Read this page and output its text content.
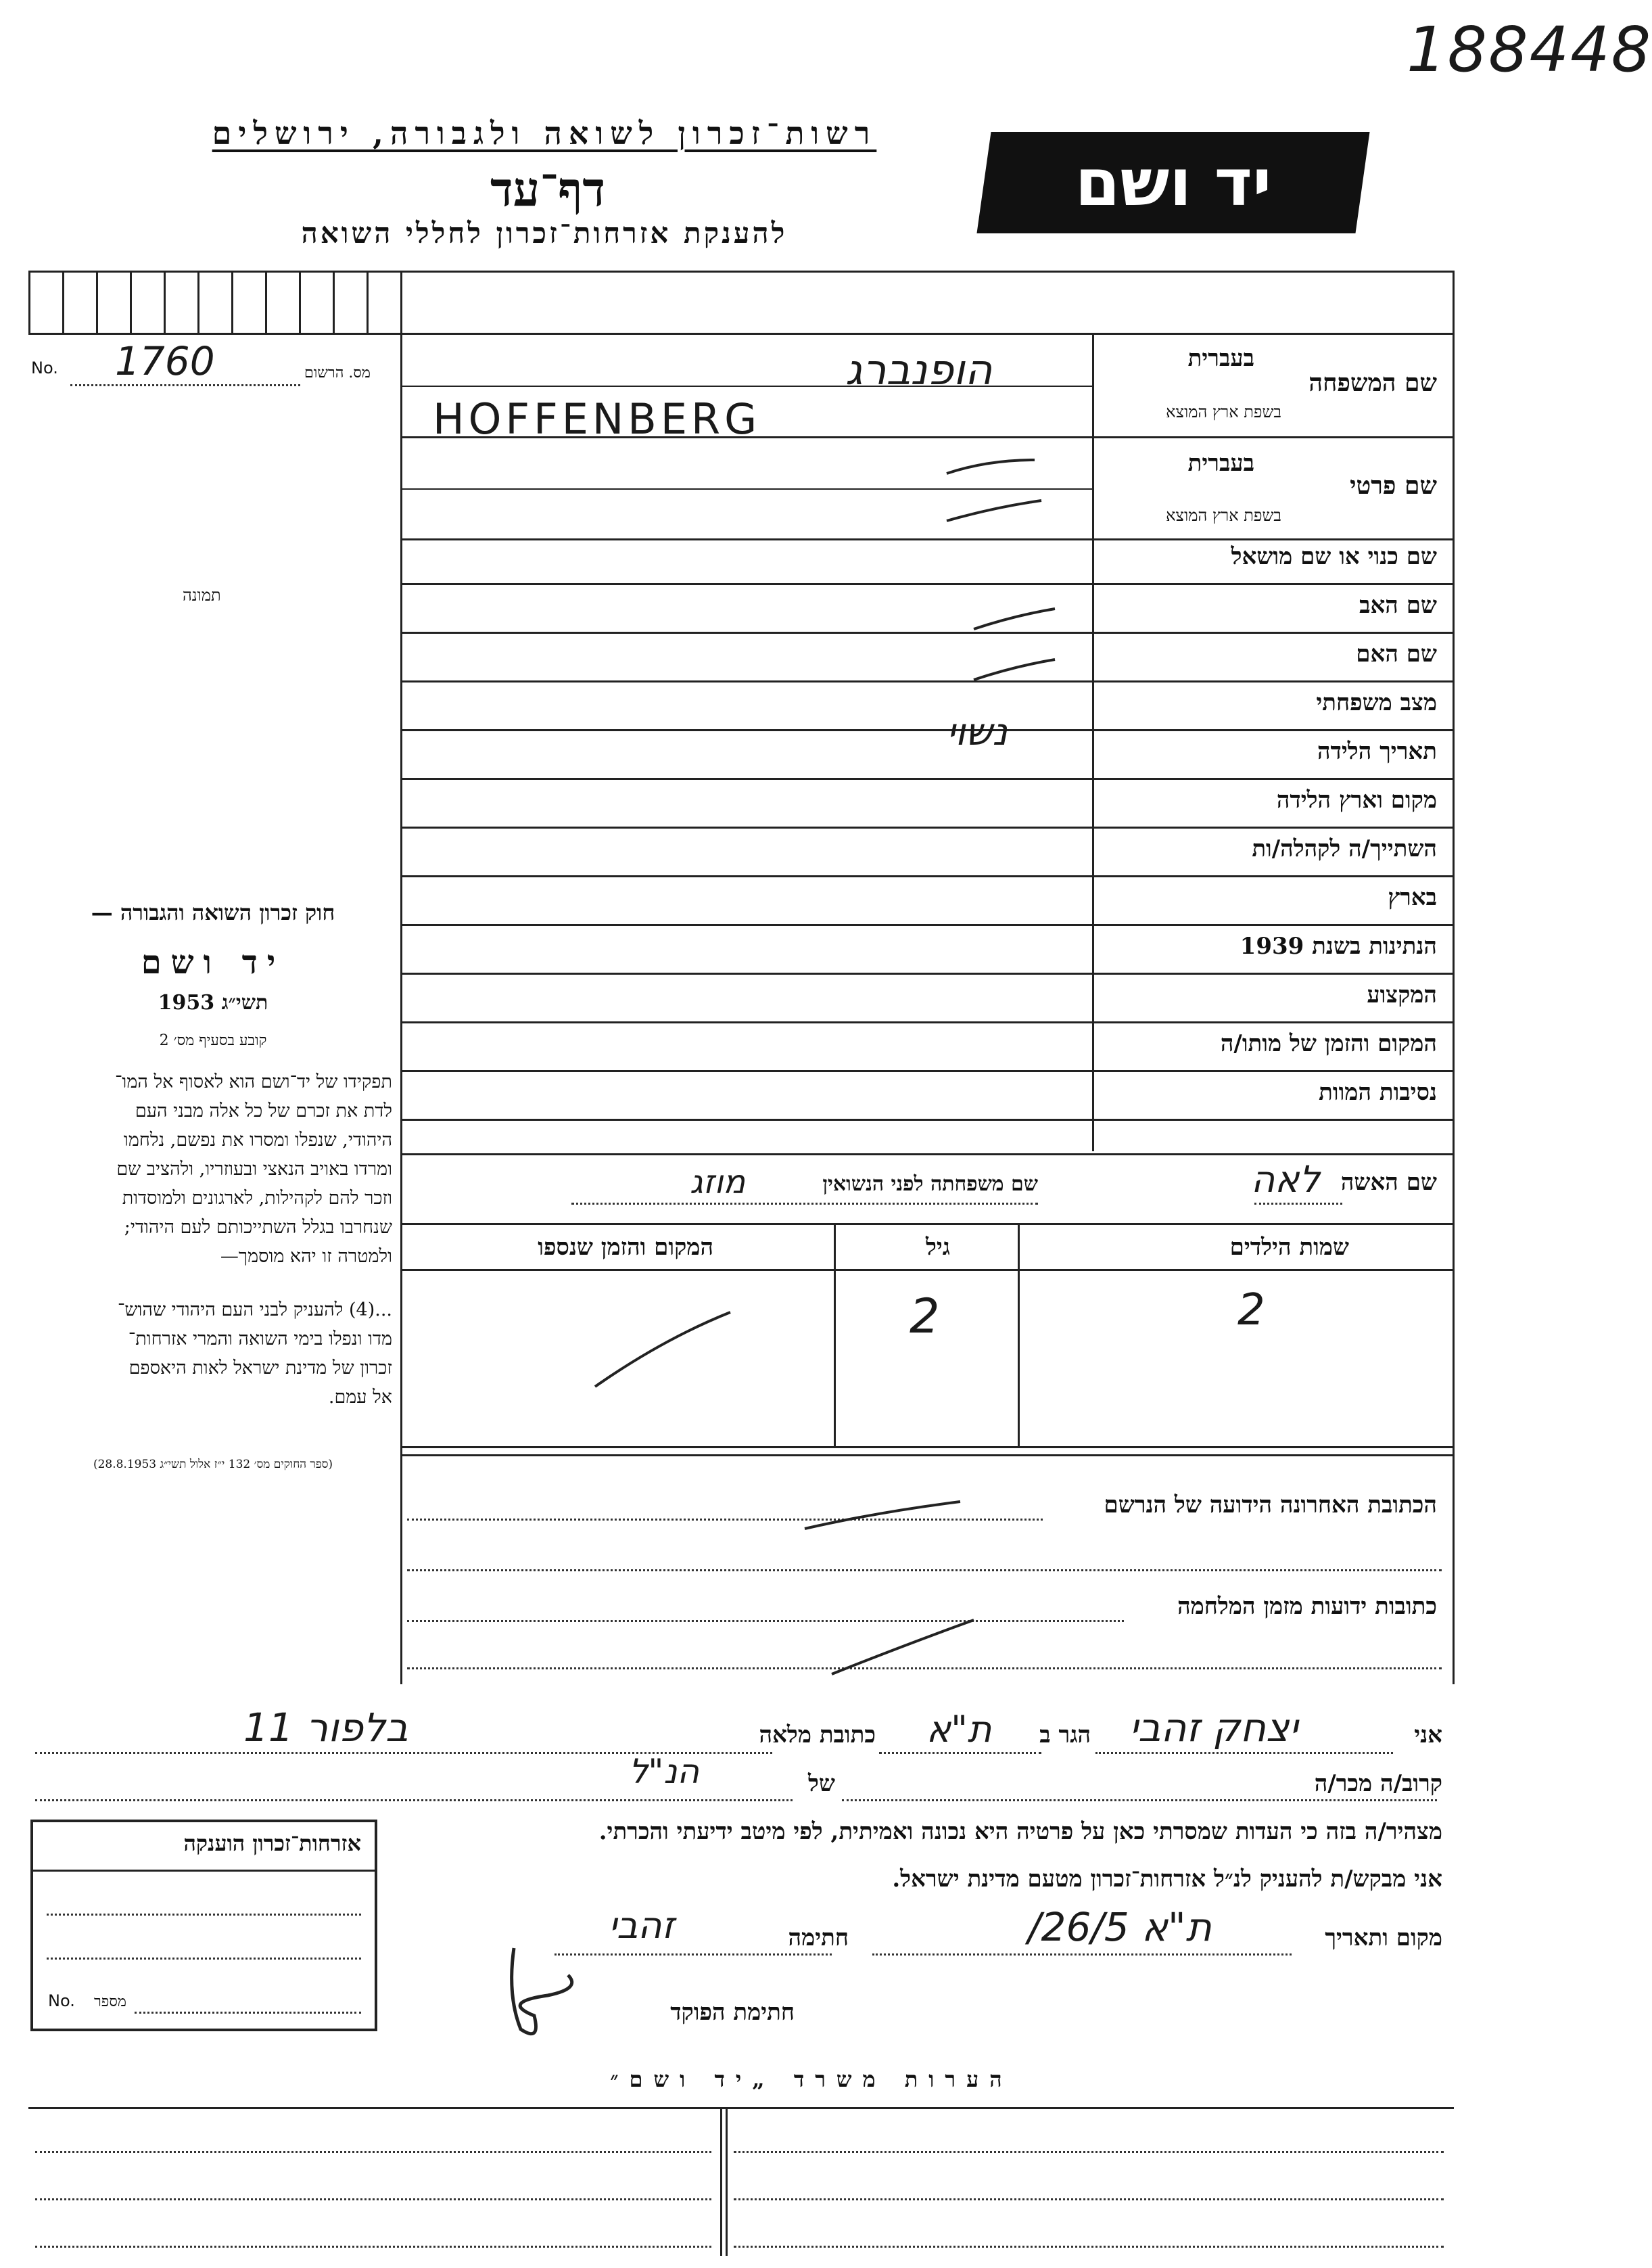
188448
רשות־זכרון לשואה ולגבורה, ירושלים
דף־עד
להענקת אזרחות־זכרון לחללי השואה
יד ושם
No. 1760	מס. הרשום
תמונה
בעברית
שם המשפחה
בשפת ארץ המוצא
בעברית
שם פרטי
בשפת ארץ המוצא
שם כנוי או שם מושאל
שם האב
שם האם
מצב משפחתי
תאריך הלידה
מקום וארץ הלידה
השתייך/ה לקהלה/ות
בארץ
הנתינות בשנת 1939
המקצוע
המקום והזמן של מותו/ה
נסיבות המוות
הופנברג
HOFFENBERG
נשוי
שם האשה
לאה
שם משפחתה לפני הנשואין
מוזג
שמות הילדים
גיל
המקום והזמן שנספו
2
2
הכתובת האחרונה הידועה של הנרשם
כתובות ידועות מזמן המלחמה
אני
יצחק זהבי
הגר ב
ת"א
כתובת מלאה
בלפור 11
קרוב/ה מכר/ה
של
הנ"ל
מצהיר/ה בזה כי העדות שמסרתי כאן על פרטיה היא נכונה ואמיתית, לפי מיטב ידיעתי והכרתי.
אני מבקש/ת להעניק לנ״ל אזרחות־זכרון מטעם מדינת ישראל.
מקום ותאריך
ת"א 26/5/
חתימה
זהבי
חתימת הפוקד
אזרחות־זכרון הוענקה
No. מספר
חוק זכרון השואה והגבורה —
יד ושם
תשי״ג 1953
קובע בסעיף מס׳ 2
תפקידו של יד־ושם הוא לאסוף אל המו־
לדת את זכרם של כל אלה מבני העם
היהודי, שנפלו ומסרו את נפשם, נלחמו
ומרדו באויב הנאצי ובעוזריו, ולהציב שם
וזכר להם לקהילות, לארגונים ולמוסדות
שנחרבו בגלל השתייכותם לעם היהודי;
ולמטרה זו יהא מוסמך—
...(4) להעניק לבני העם היהודי שהוש־
מדו ונפלו בימי השואה והמרי אזרחות־
זכרון של מדינת ישראל לאות היאספם
אל עמם.
(ספר החוקים מס׳ 132 י״ז אלול תשי״ג 28.8.1953)
הערות משרד „יד ושם״
